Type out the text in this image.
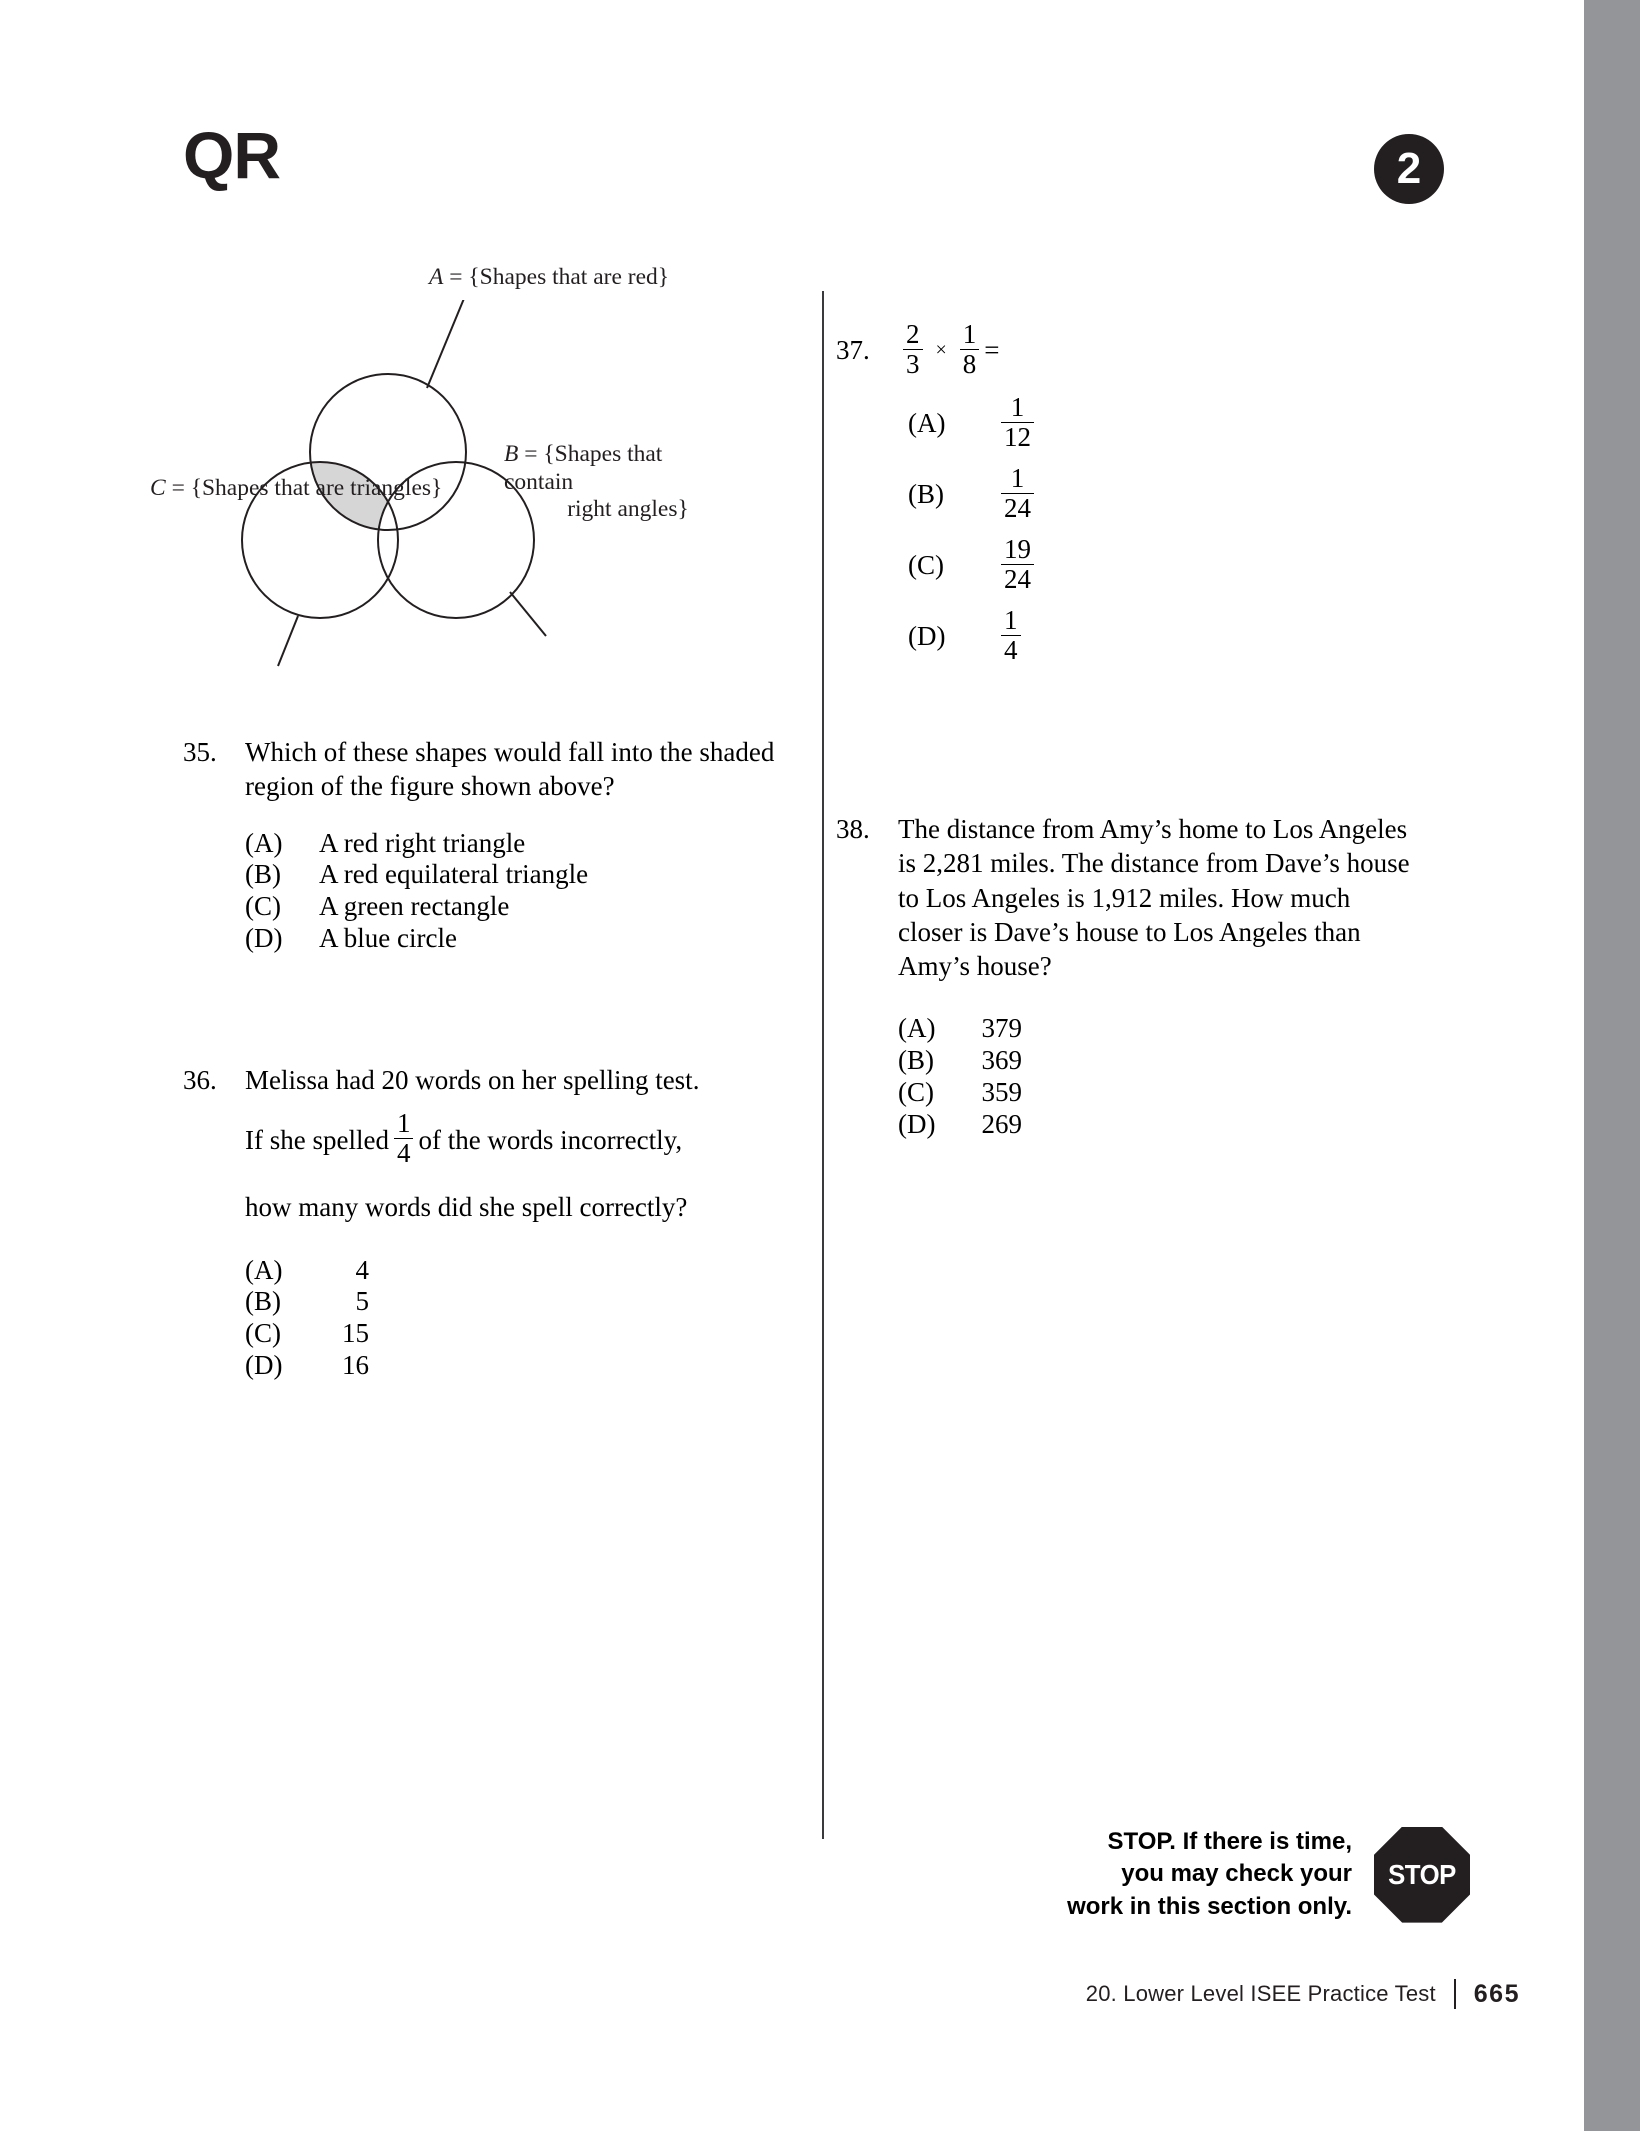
QR	2
A = {Shapes that are red}
B = {Shapes that contain
right angles}
C = {Shapes that are triangles}
35.	Which of these shapes would fall into the shaded region of the figure shown above?
(A)	A red right triangle
(B)	A red equilateral triangle
(C)	A green rectangle
(D)	A blue circle
36.	Melissa had 20 words on her spelling test.
If she spelled $\frac{1}{4}$ of the words incorrectly,
how many words did she spell correctly?
(A)	4
(B)	5
(C)	15
(D)	16
37.	$\frac{2}{3} \times \frac{1}{8}$ =
(A)	$\frac{1}{12}$
(B)	$\frac{1}{24}$
(C)	$\frac{19}{24}$
(D)	$\frac{1}{4}$
38.	The distance from Amy’s home to Los Angeles is 2,281 miles. The distance from Dave’s house to Los Angeles is 1,912 miles. How much closer is Dave’s house to Los Angeles than Amy’s house?
(A)	379
(B)	369
(C)	359
(D)	269
STOP. If there is time,
you may check your
work in this section only.
STOP
20. Lower Level ISEE Practice Test 665
